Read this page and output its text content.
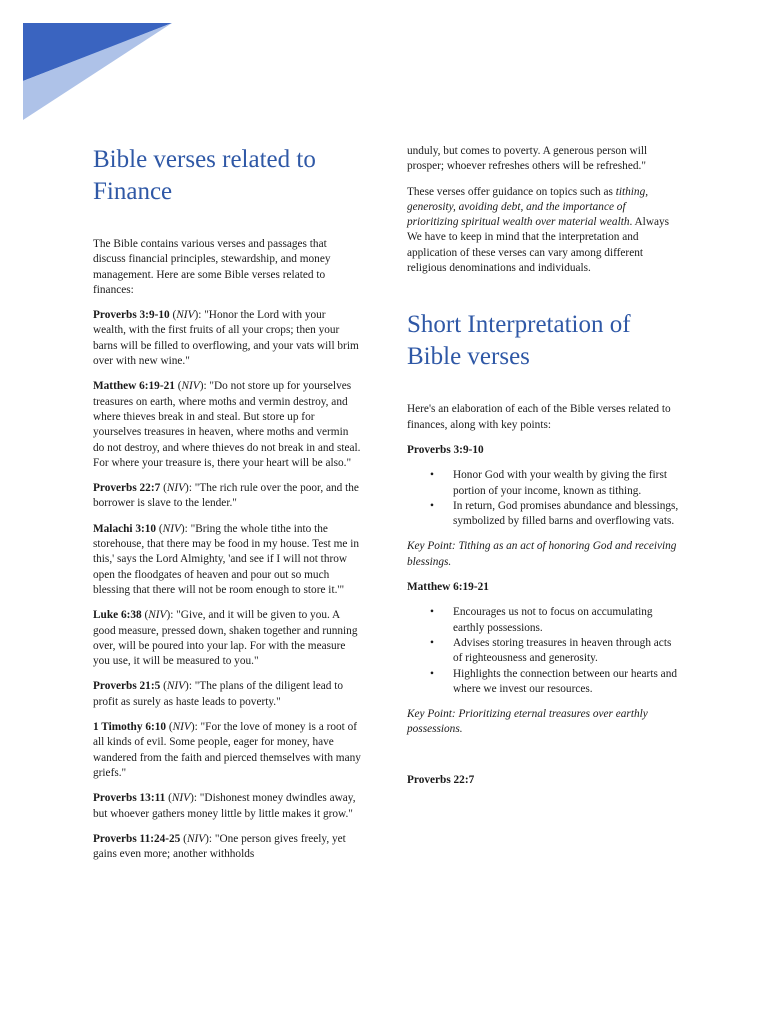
Bible verses related to Finance

The Bible contains various verses and passages that discuss financial principles, stewardship, and money management. Here are some Bible verses related to finances:

Proverbs 3:9-10 (NIV): "Honor the Lord with your wealth, with the first fruits of all your crops; then your barns will be filled to overflowing, and your vats will brim over with new wine."

Matthew 6:19-21 (NIV): "Do not store up for yourselves treasures on earth, where moths and vermin destroy, and where thieves break in and steal. But store up for yourselves treasures in heaven, where moths and vermin do not destroy, and where thieves do not break in and steal. For where your treasure is, there your heart will be also."

Proverbs 22:7 (NIV): "The rich rule over the poor, and the borrower is slave to the lender."

Malachi 3:10 (NIV): "Bring the whole tithe into the storehouse, that there may be food in my house. Test me in this,' says the Lord Almighty, 'and see if I will not throw open the floodgates of heaven and pour out so much blessing that there will not be room enough to store it.'"

Luke 6:38 (NIV): "Give, and it will be given to you. A good measure, pressed down, shaken together and running over, will be poured into your lap. For with the measure you use, it will be measured to you."

Proverbs 21:5 (NIV): "The plans of the diligent lead to profit as surely as haste leads to poverty."

1 Timothy 6:10 (NIV): "For the love of money is a root of all kinds of evil. Some people, eager for money, have wandered from the faith and pierced themselves with many griefs."

Proverbs 13:11 (NIV): "Dishonest money dwindles away, but whoever gathers money little by little makes it grow."

Proverbs 11:24-25 (NIV): "One person gives freely, yet gains even more; another withholds

unduly, but comes to poverty. A generous person will prosper; whoever refreshes others will be refreshed."

These verses offer guidance on topics such as tithing, generosity, avoiding debt, and the importance of prioritizing spiritual wealth over material wealth. Always We have to keep in mind that the interpretation and application of these verses can vary among different religious denominations and individuals.

Short Interpretation of Bible verses

Here's an elaboration of each of the Bible verses related to finances, along with key points:

Proverbs 3:9-10

• Honor God with your wealth by giving the first portion of your income, known as tithing.
• In return, God promises abundance and blessings, symbolized by filled barns and overflowing vats.

Key Point: Tithing as an act of honoring God and receiving blessings.

Matthew 6:19-21

• Encourages us not to focus on accumulating earthly possessions.
• Advises storing treasures in heaven through acts of righteousness and generosity.
• Highlights the connection between our hearts and where we invest our resources.

Key Point: Prioritizing eternal treasures over earthly possessions.

Proverbs 22:7
